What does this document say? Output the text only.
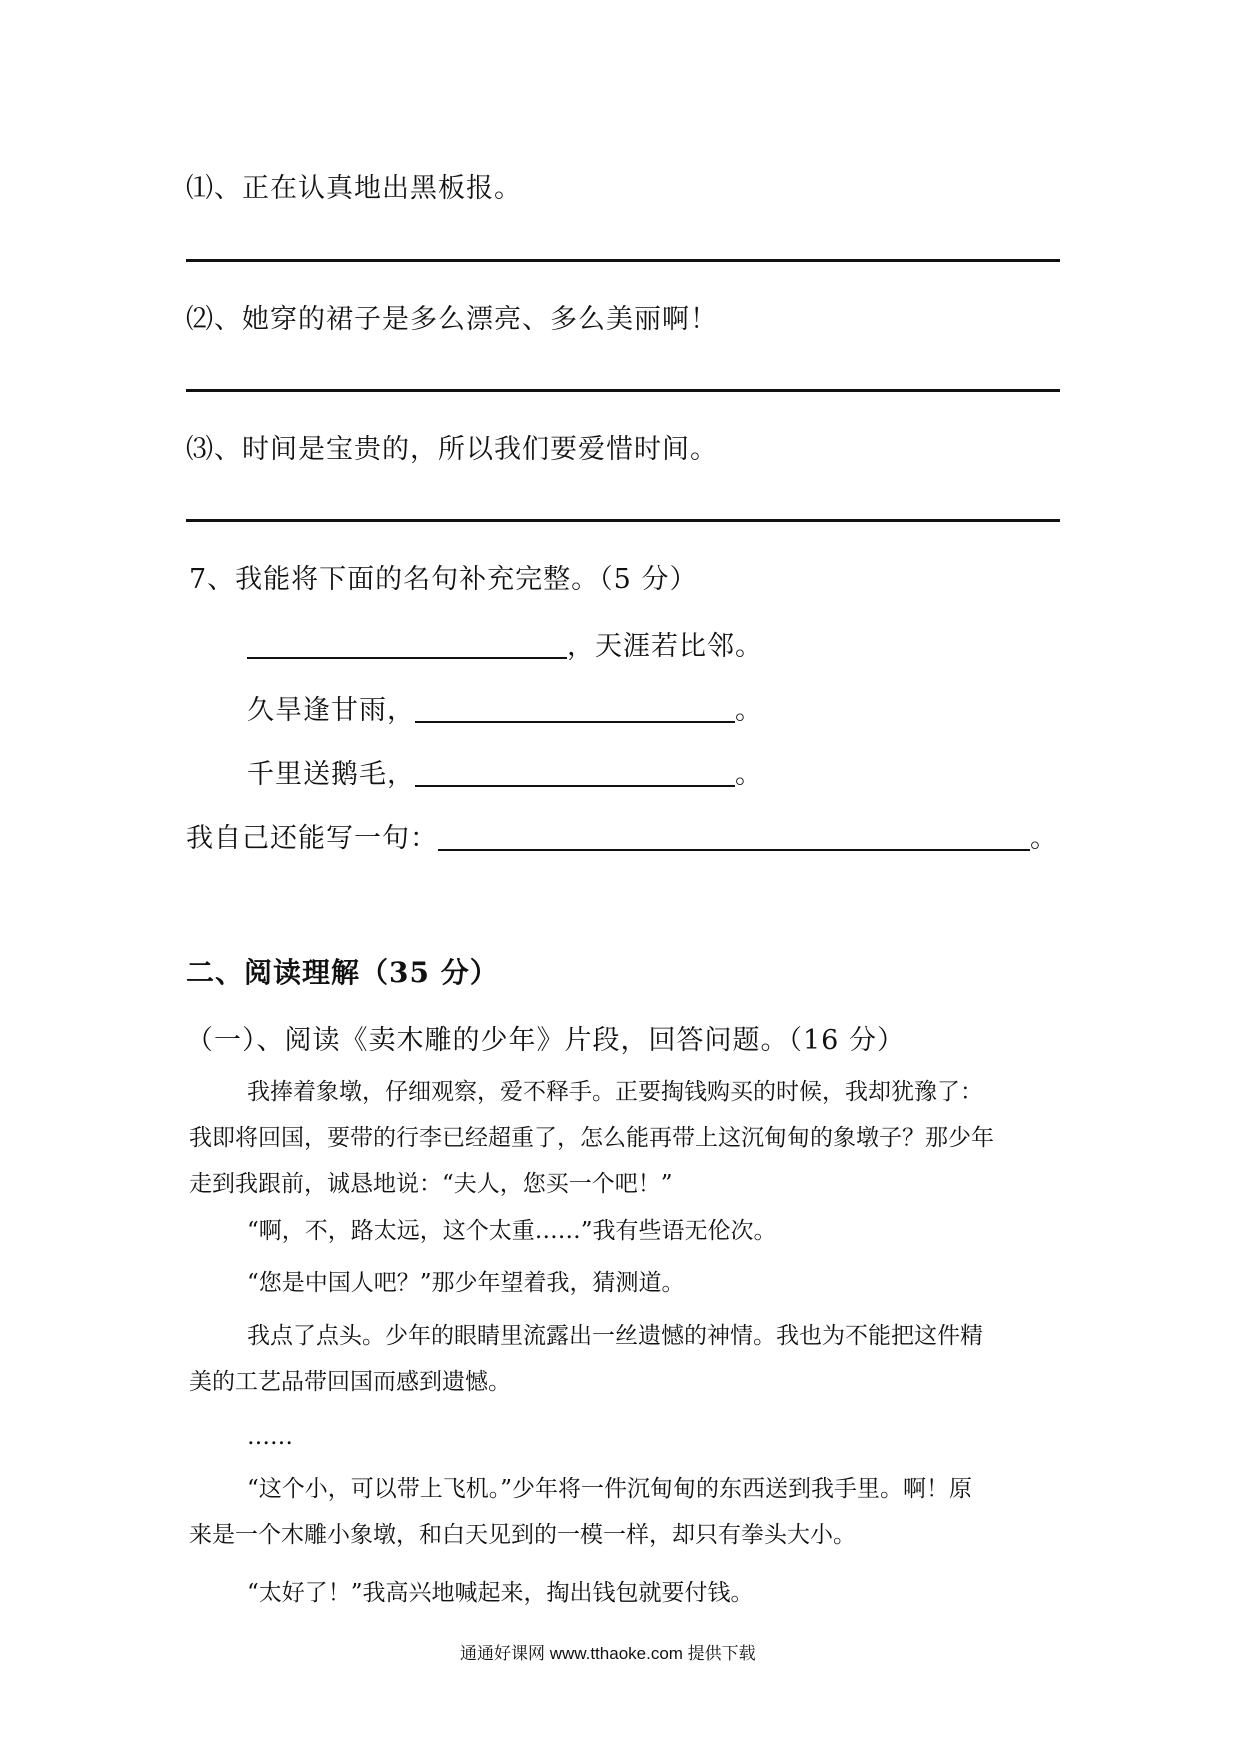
⑴、正在认真地出黑板报。
⑵、她穿的裙子是多么漂亮、多么美丽啊！
⑶、时间是宝贵的，所以我们要爱惜时间。
7、我能将下面的名句补充完整。（5 分）
，天涯若比邻。
久旱逢甘雨，	。
千里送鹅毛，	。
我自己还能写一句：	。
二、阅读理解（35 分）
（一）、阅读《卖木雕的少年》片段，回答问题。（16 分）
我捧着象墩，仔细观察，爱不释手。正要掏钱购买的时候，我却犹豫了：
我即将回国，要带的行李已经超重了，怎么能再带上这沉甸甸的象墩子？那少年
走到我跟前，诚恳地说：“夫人，您买一个吧！”
“啊，不，路太远，这个太重……”我有些语无伦次。
“您是中国人吧？”那少年望着我，猜测道。
我点了点头。少年的眼睛里流露出一丝遗憾的神情。我也为不能把这件精
美的工艺品带回国而感到遗憾。
……
“这个小，可以带上飞机。”少年将一件沉甸甸的东西送到我手里。啊！原
来是一个木雕小象墩，和白天见到的一模一样，却只有拳头大小。
“太好了！”我高兴地喊起来，掏出钱包就要付钱。
通通好课网 www.tthaoke.com 提供下载
